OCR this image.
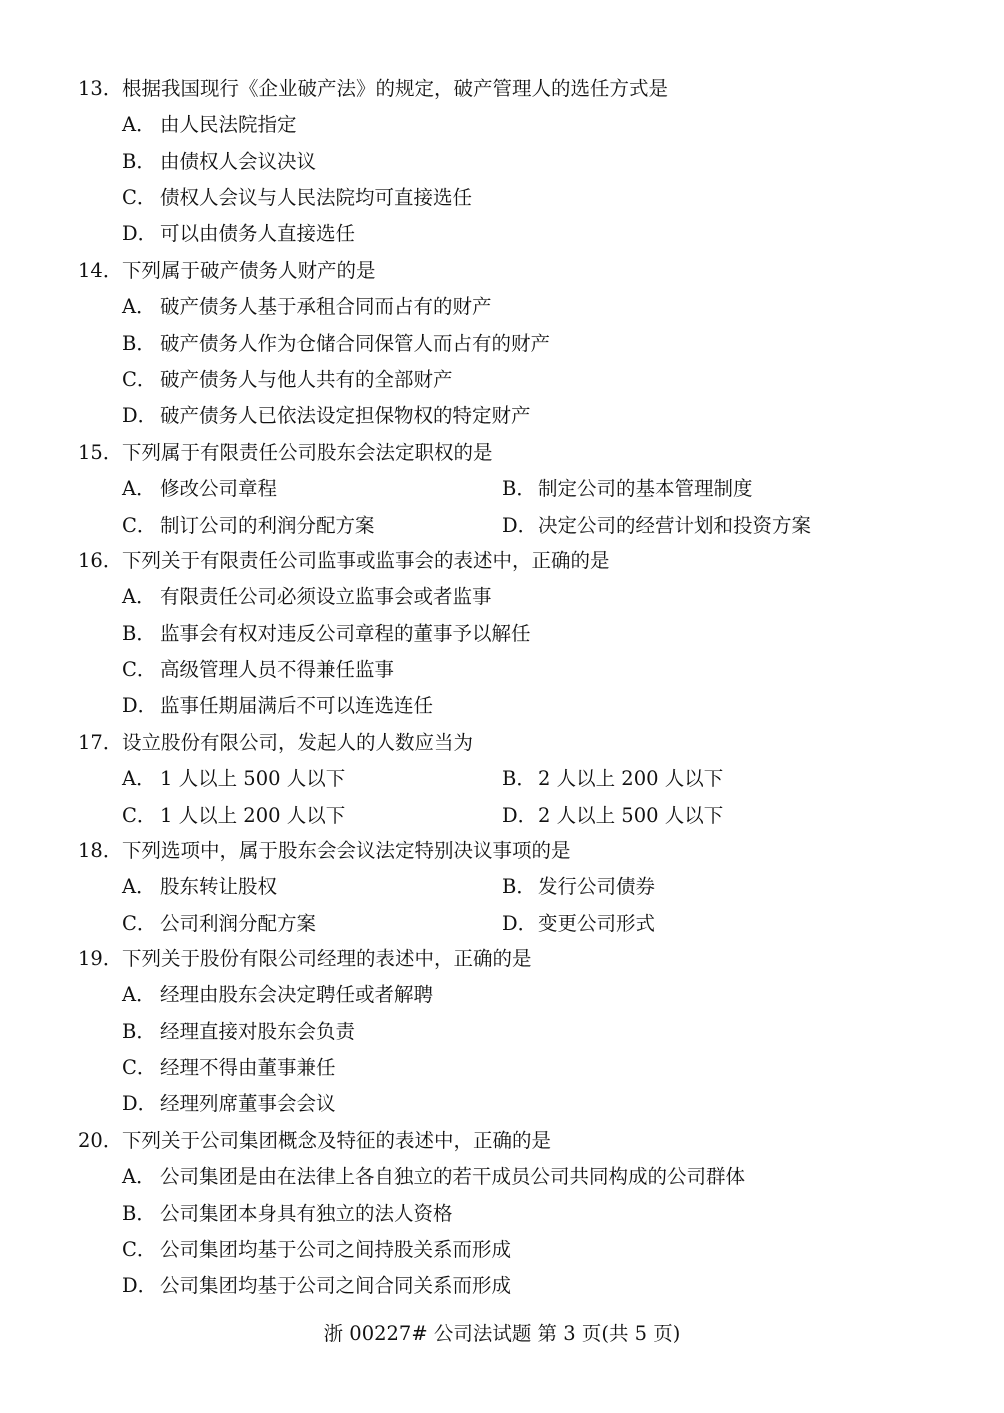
13． 根据我国现行《企业破产法》的规定，破产管理人的选任方式是
A． 由人民法院指定
B． 由债权人会议决议
C． 债权人会议与人民法院均可直接选任
D． 可以由债务人直接选任
14． 下列属于破产债务人财产的是
A． 破产债务人基于承租合同而占有的财产
B． 破产债务人作为仓储合同保管人而占有的财产
C． 破产债务人与他人共有的全部财产
D． 破产债务人已依法设定担保物权的特定财产
15． 下列属于有限责任公司股东会法定职权的是
A． 修改公司章程	B． 制定公司的基本管理制度
C． 制订公司的利润分配方案	D． 决定公司的经营计划和投资方案
16． 下列关于有限责任公司监事或监事会的表述中，正确的是
A． 有限责任公司必须设立监事会或者监事
B． 监事会有权对违反公司章程的董事予以解任
C． 高级管理人员不得兼任监事
D． 监事任期届满后不可以连选连任
17． 设立股份有限公司，发起人的人数应当为
A． 1 人以上 500 人以下	B． 2 人以上 200 人以下
C． 1 人以上 200 人以下	D． 2 人以上 500 人以下
18． 下列选项中，属于股东会会议法定特别决议事项的是
A． 股东转让股权	B． 发行公司债券
C． 公司利润分配方案	D． 变更公司形式
19． 下列关于股份有限公司经理的表述中，正确的是
A． 经理由股东会决定聘任或者解聘
B． 经理直接对股东会负责
C． 经理不得由董事兼任
D． 经理列席董事会会议
20． 下列关于公司集团概念及特征的表述中，正确的是
A． 公司集团是由在法律上各自独立的若干成员公司共同构成的公司群体
B． 公司集团本身具有独立的法人资格
C． 公司集团均基于公司之间持股关系而形成
D． 公司集团均基于公司之间合同关系而形成
浙 00227# 公司法试题 第 3 页(共 5 页)
